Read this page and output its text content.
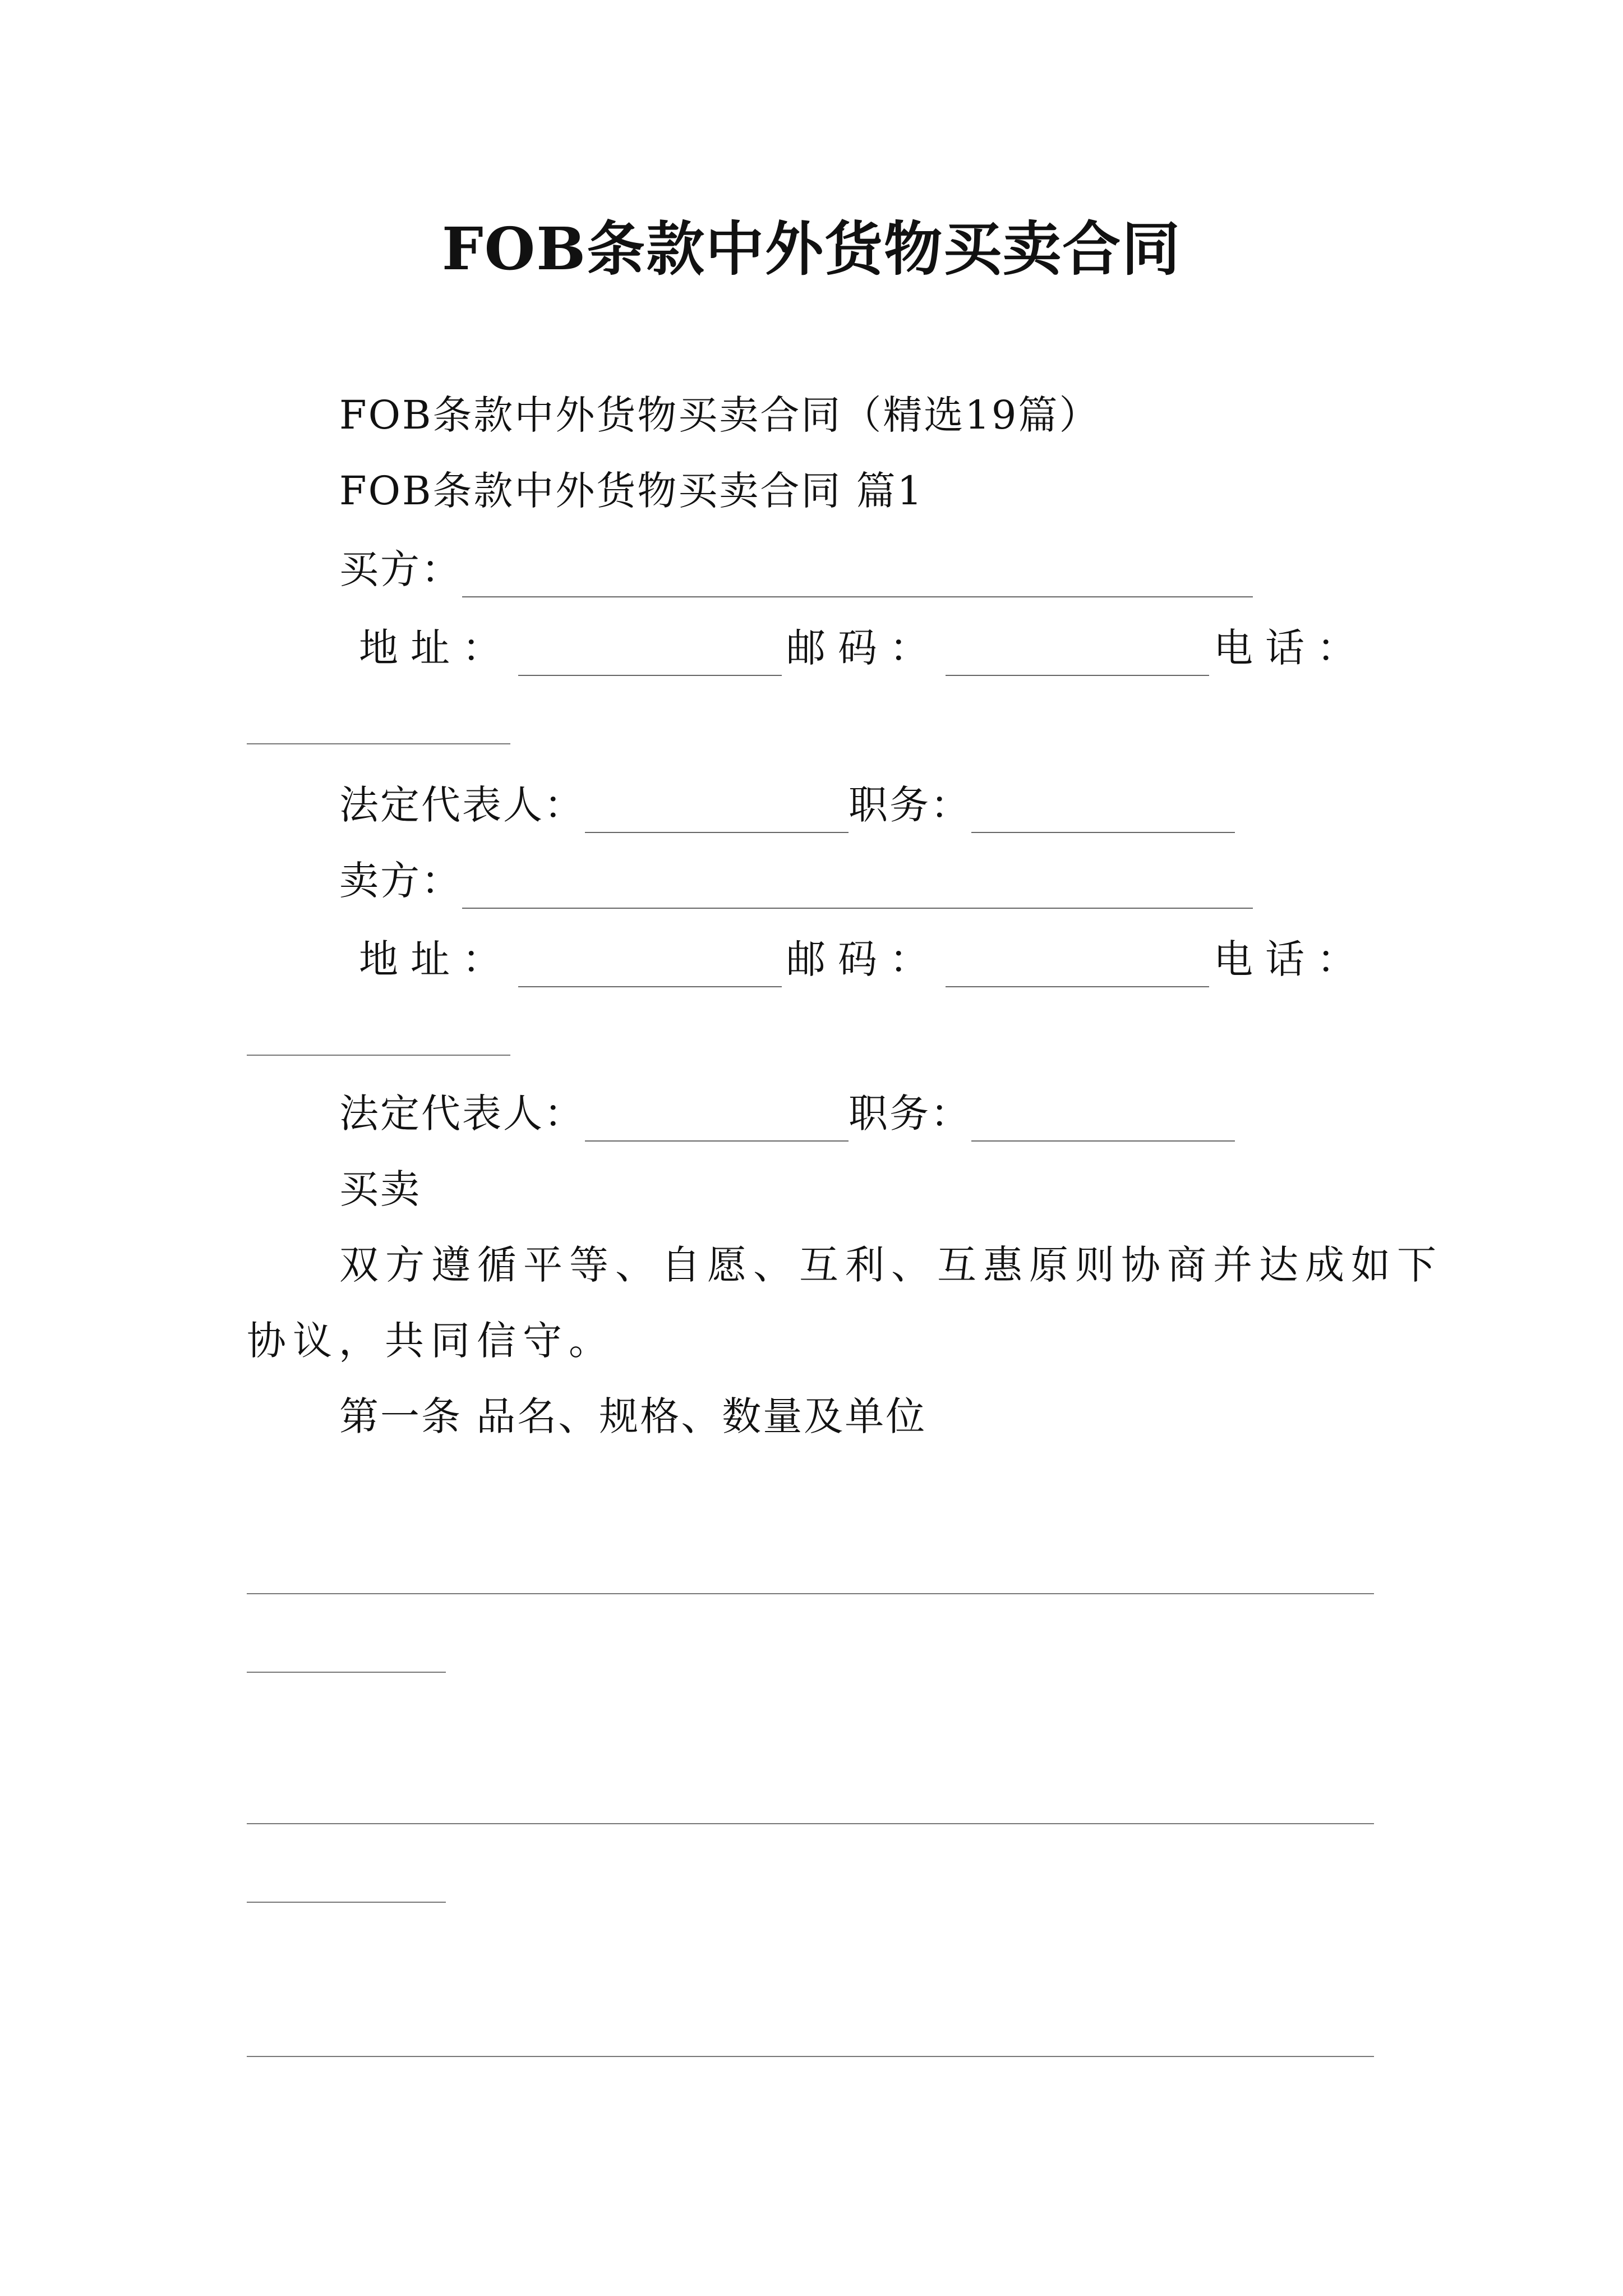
FOB条款中外货物买卖合同
FOB条款中外货物买卖合同（精选19篇）
FOB条款中外货物买卖合同 篇1
买方：
地址：	邮码：	电话：
法定代表人：	职务：
卖方：
地址：	邮码：	电话：
法定代表人：	职务：
买卖
双方遵循平等、自愿、互利、互惠原则协商并达成如下
协议，共同信守。
第一条 品名、规格、数量及单位
